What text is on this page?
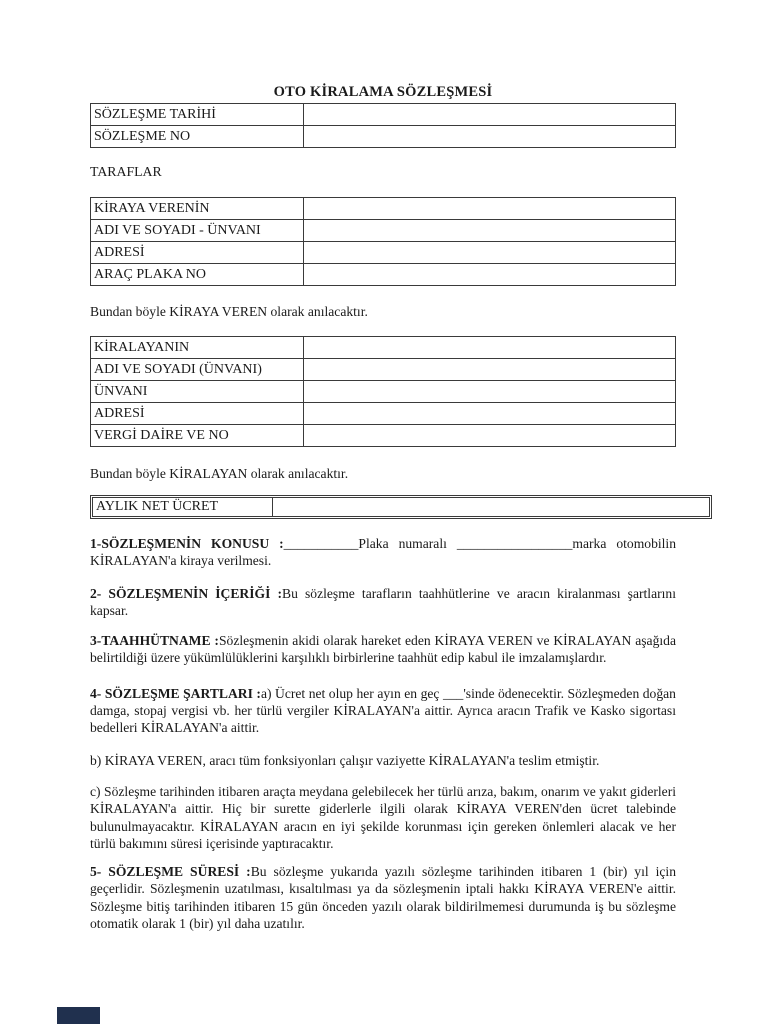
OTO KİRALAMA SÖZLEŞMESİ
SÖZLEŞME TARİHİ	
SÖZLEŞME NO	
TARAFLAR
KİRAYA VERENİN	
ADI VE SOYADI - ÜNVANI	
ADRESİ	
ARAÇ PLAKA NO	

Bundan böyle KİRAYA VEREN olarak anılacaktır.

KİRALAYANIN	
ADI VE SOYADI (ÜNVANI)	
ÜNVANI	
ADRESİ	
VERGİ DAİRE VE NO	

Bundan böyle KİRALAYAN olarak anılacaktır.

AYLIK NET ÜCRET	

1-SÖZLEŞMENİN KONUSU :___________Plaka numaralı _________________marka otomobilin KİRALAYAN'a kiraya verilmesi.

2- SÖZLEŞMENİN İÇERİĞİ :Bu sözleşme tarafların taahhütlerine ve aracın kiralanması şartlarını kapsar.

3-TAAHHÜTNAME :Sözleşmenin akidi olarak hareket eden KİRAYA VEREN ve KİRALAYAN aşağıda belirtildiği üzere yükümlülüklerini karşılıklı birbirlerine taahhüt edip kabul ile imzalamışlardır.

4- SÖZLEŞME ŞARTLARI :a) Ücret net olup her ayın en geç ___'sinde ödenecektir. Sözleşmeden doğan damga, stopaj vergisi vb. her türlü vergiler KİRALAYAN'a aittir. Ayrıca aracın Trafik ve Kasko sigortası bedelleri KİRALAYAN'a aittir.

b) KİRAYA VEREN, aracı tüm fonksiyonları çalışır vaziyette KİRALAYAN'a teslim etmiştir.

c) Sözleşme tarihinden itibaren araçta meydana gelebilecek her türlü arıza, bakım, onarım ve yakıt giderleri KİRALAYAN'a aittir. Hiç bir surette giderlerle ilgili olarak KİRAYA VEREN'den ücret talebinde bulunulmayacaktır. KİRALAYAN aracın en iyi şekilde korunması için gereken önlemleri alacak ve her türlü bakımını süresi içerisinde yaptıracaktır.

5- SÖZLEŞME SÜRESİ :Bu sözleşme yukarıda yazılı sözleşme tarihinden itibaren 1 (bir) yıl için geçerlidir. Sözleşmenin uzatılması, kısaltılması ya da sözleşmenin iptali hakkı KİRAYA VEREN'e aittir. Sözleşme bitiş tarihinden itibaren 15 gün önceden yazılı olarak bildirilmemesi durumunda iş bu sözleşme otomatik olarak 1 (bir) yıl daha uzatılır.
